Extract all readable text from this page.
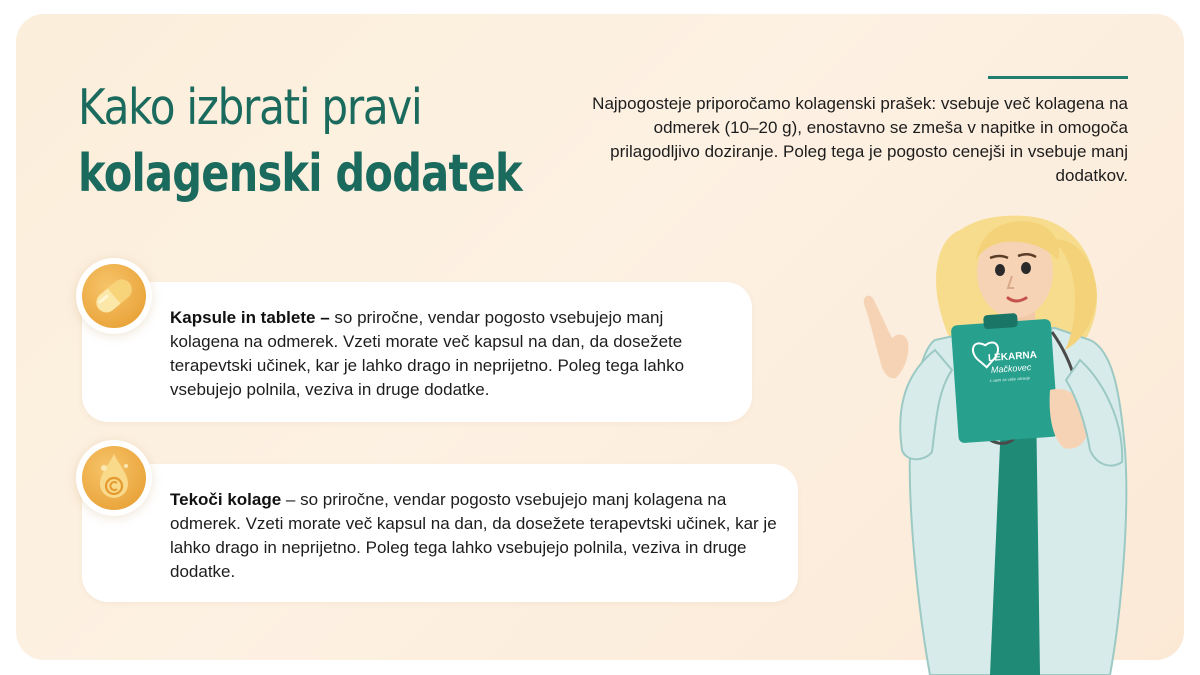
Kako izbrati pravi
kolagenski dodatek
Najpogosteje priporočamo kolagenski prašek: vsebuje več kolagena na odmerek (10–20 g), enostavno se zmeša v napitke in omogoča prilagodljivo doziranje. Poleg tega je pogosto cenejši in vsebuje manj dodatkov.
Kapsule in tablete – so priročne, vendar pogosto vsebujejo manj kolagena na odmerek. Vzeti morate več kapsul na dan, da dosežete terapevtski učinek, kar je lahko drago in neprijetno. Poleg tega lahko vsebujejo polnila, veziva in druge dodatke.
Tekoči kolage – so priročne, vendar pogosto vsebujejo manj kolagena na odmerek. Vzeti morate več kapsul na dan, da dosežete terapevtski učinek, kar je lahko drago in neprijetno. Poleg tega lahko vsebujejo polnila, veziva in druge dodatke.
LEKARNA
Mačkovec
z vami za vaše zdravje
